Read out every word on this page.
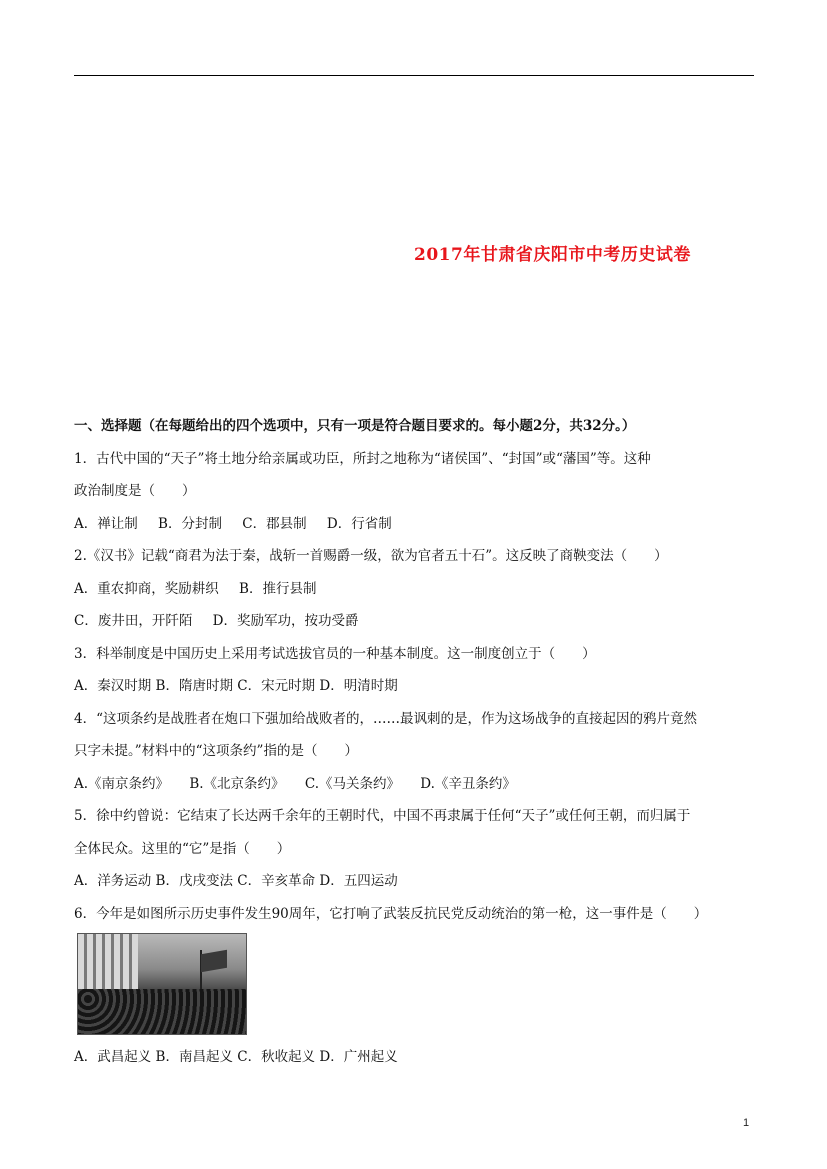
2017年甘肃省庆阳市中考历史试卷
一、选择题（在每题给出的四个选项中，只有一项是符合题目要求的。每小题2分，共32分。）
1．古代中国的“天子”将土地分给亲属或功臣，所封之地称为“诸侯国”、“封国”或“藩国”等。这种
政治制度是（　　）
A．禅让制 B．分封制 C．郡县制 D．行省制
2.《汉书》记载“商君为法于秦，战斩一首赐爵一级，欲为官者五十石”。这反映了商鞅变法（　　）
A．重农抑商，奖励耕织 B．推行县制
C．废井田，开阡陌 D．奖励军功，按功受爵
3．科举制度是中国历史上采用考试选拔官员的一种基本制度。这一制度创立于（　　）
A．秦汉时期 B．隋唐时期 C．宋元时期 D．明清时期
4．“这项条约是战胜者在炮口下强加给战败者的，……最讽刺的是，作为这场战争的直接起因的鸦片竟然
只字未提。”材料中的“这项条约”指的是（　　）
A.《南京条约》 B.《北京条约》 C.《马关条约》 D.《辛丑条约》
5．徐中约曾说：它结束了长达两千余年的王朝时代，中国不再隶属于任何“天子”或任何王朝，而归属于
全体民众。这里的“它”是指（　　）
A．洋务运动 B．戊戌变法 C．辛亥革命 D．五四运动
6．今年是如图所示历史事件发生90周年，它打响了武装反抗民党反动统治的第一枪，这一事件是（　　）
A．武昌起义 B．南昌起义 C．秋收起义 D．广州起义
1
